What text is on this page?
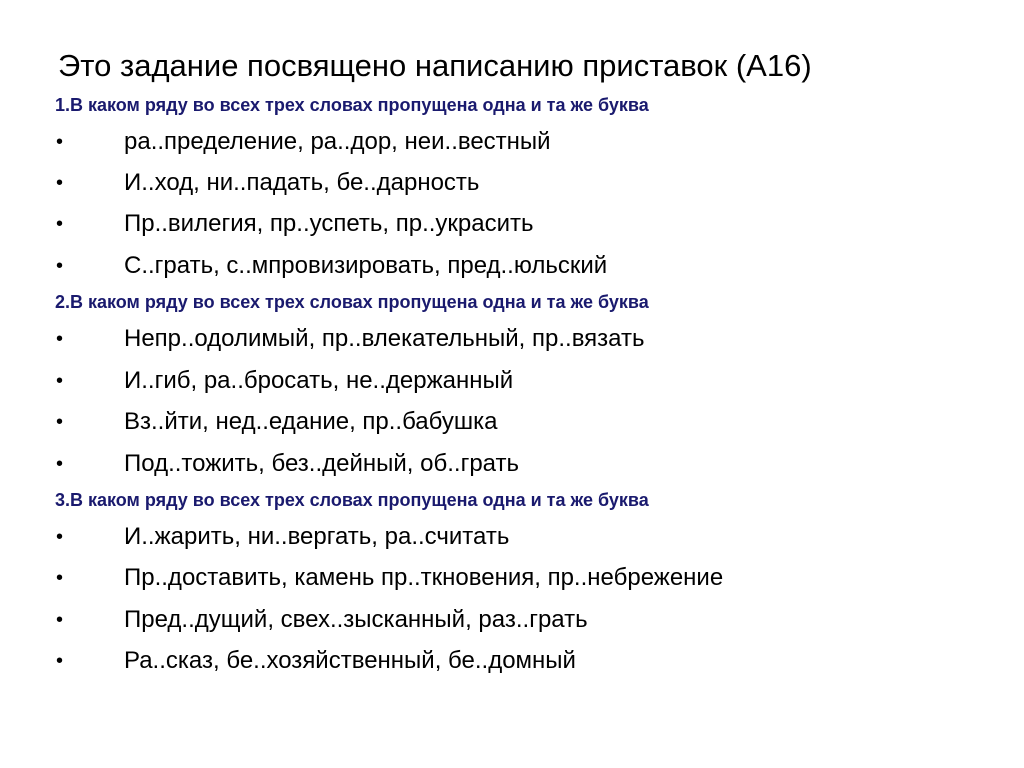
Это задание посвящено написанию приставок (А16)
1.В каком ряду во всех трех словах пропущена одна и та же буква
•	ра..пределение, ра..дор, неи..вестный
•	И..ход, ни..падать, бе..дарность
•	Пр..вилегия, пр..успеть, пр..украсить
•	С..грать, с..мпровизировать, пред..юльский
2.В каком ряду во всех трех словах пропущена одна и та же буква
•	Непр..одолимый, пр..влекательный, пр..вязать
•	И..гиб, ра..бросать, не..держанный
•	Вз..йти, нед..едание, пр..бабушка
•	Под..тожить, без..дейный, об..грать
3.В каком ряду во всех трех словах пропущена одна и та же буква
•	И..жарить, ни..вергать, ра..считать
•	Пр..доставить, камень пр..ткновения, пр..небрежение
•	Пред..дущий, свех..зысканный, раз..грать
•	Ра..сказ, бе..хозяйственный, бе..домный
